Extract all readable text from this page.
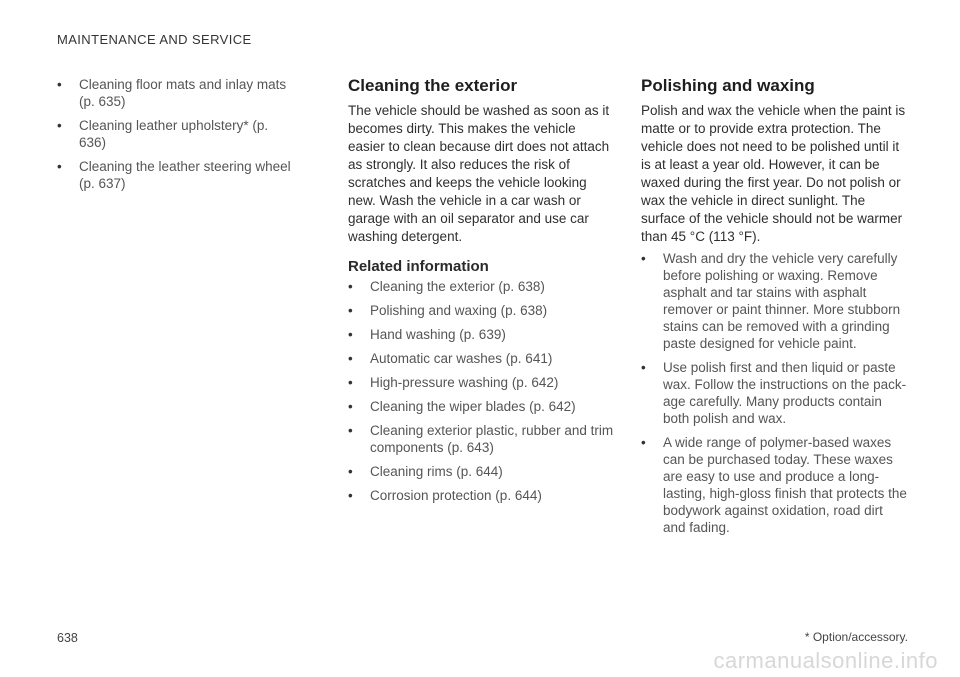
MAINTENANCE AND SERVICE
•	Cleaning floor mats and inlay mats (p. 635)
•	Cleaning leather upholstery* (p. 636)
•	Cleaning the leather steering wheel (p. 637)
Cleaning the exterior

The vehicle should be washed as soon as it becomes dirty. This makes the vehicle easier to clean because dirt does not attach as strongly. It also reduces the risk of scratches and keeps the vehicle looking new. Wash the vehicle in a car wash or garage with an oil separator and use car washing detergent.

Related information
•	Cleaning the exterior (p. 638)
•	Polishing and waxing (p. 638)
•	Hand washing (p. 639)
•	Automatic car washes (p. 641)
•	High-pressure washing (p. 642)
•	Cleaning the wiper blades (p. 642)
•	Cleaning exterior plastic, rubber and trim components (p. 643)
•	Cleaning rims (p. 644)
•	Corrosion protection (p. 644)
Polishing and waxing

Polish and wax the vehicle when the paint is matte or to provide extra protection. The vehicle does not need to be polished until it is at least a year old. However, it can be waxed during the first year. Do not polish or wax the vehicle in direct sunlight. The surface of the vehicle should not be warmer than 45 °C (113 °F).

•	Wash and dry the vehicle very carefully before polishing or waxing. Remove asphalt and tar stains with asphalt remover or paint thinner. More stubborn stains can be removed with a grinding paste designed for vehicle paint.
•	Use polish first and then liquid or paste wax. Follow the instructions on the pack-age carefully. Many products contain both polish and wax.
•	A wide range of polymer-based waxes can be purchased today. These waxes are easy to use and produce a long-lasting, high-gloss finish that protects the bodywork against oxidation, road dirt and fading.
* Option/accessory.
638
carmanualsonline.info
